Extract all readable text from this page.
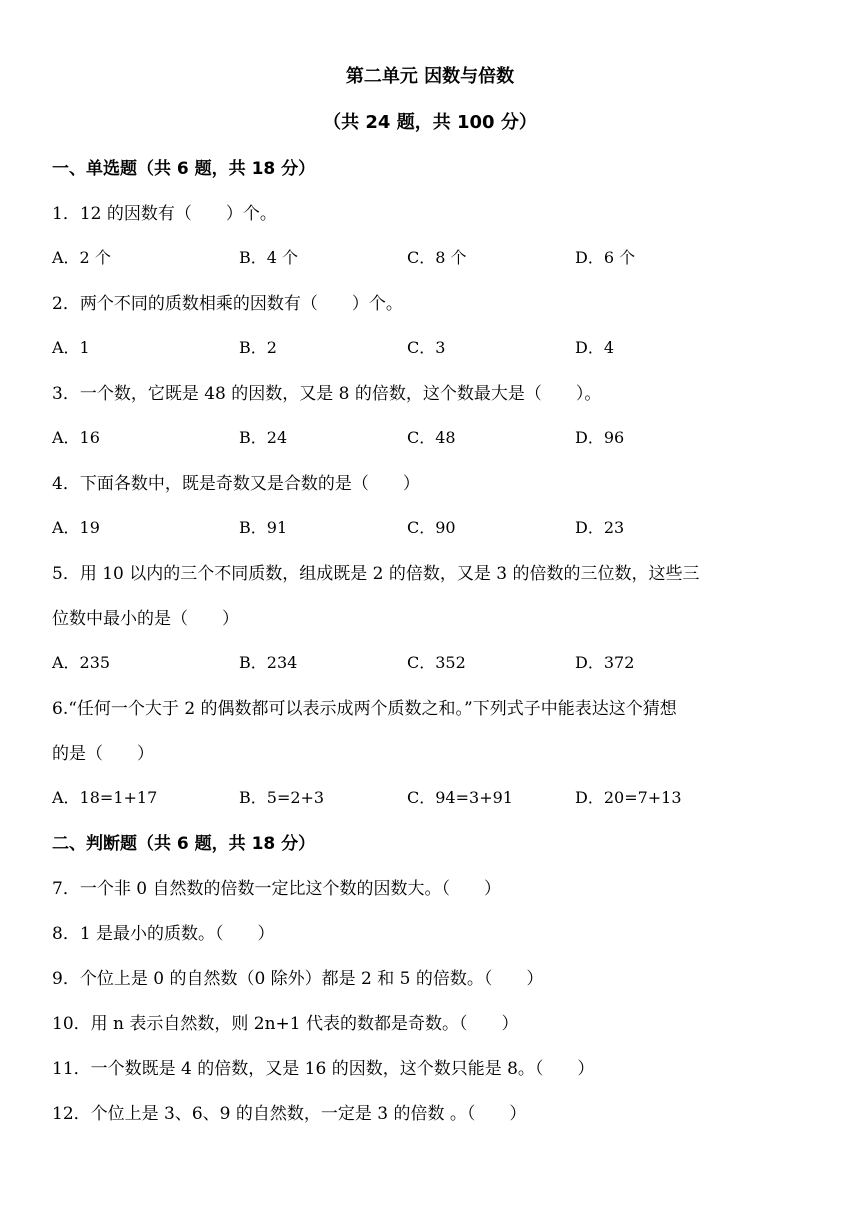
第二单元 因数与倍数
（共 24 题，共 100 分）
一、单选题（共 6 题，共 18 分）
1．12 的因数有（　　）个。
A．2 个	B．4 个	C．8 个	D．6 个
2．两个不同的质数相乘的因数有（　　）个。
A．1	B．2	C．3	D．4
3．一个数，它既是 48 的因数，又是 8 的倍数，这个数最大是（　　）。
A．16	B．24	C．48	D．96
4．下面各数中，既是奇数又是合数的是（　　）
A．19	B．91	C．90	D．23
5．用 10 以内的三个不同质数，组成既是 2 的倍数，又是 3 的倍数的三位数，这些三
位数中最小的是（　　）
A．235	B．234	C．352	D．372
6.“任何一个大于 2 的偶数都可以表示成两个质数之和。”下列式子中能表达这个猜想
的是（　　）
A．18=1+17	B．5=2+3	C．94=3+91	D．20=7+13
二、判断题（共 6 题，共 18 分）
7．一个非 0 自然数的倍数一定比这个数的因数大。（　　）
8．1 是最小的质数。（　　）
9．个位上是 0 的自然数（0 除外）都是 2 和 5 的倍数。（　　）
10．用 n 表示自然数，则 2n+1 代表的数都是奇数。（　　）
11．一个数既是 4 的倍数，又是 16 的因数，这个数只能是 8。（　　）
12．个位上是 3、6、9 的自然数，一定是 3 的倍数 。（　　）
